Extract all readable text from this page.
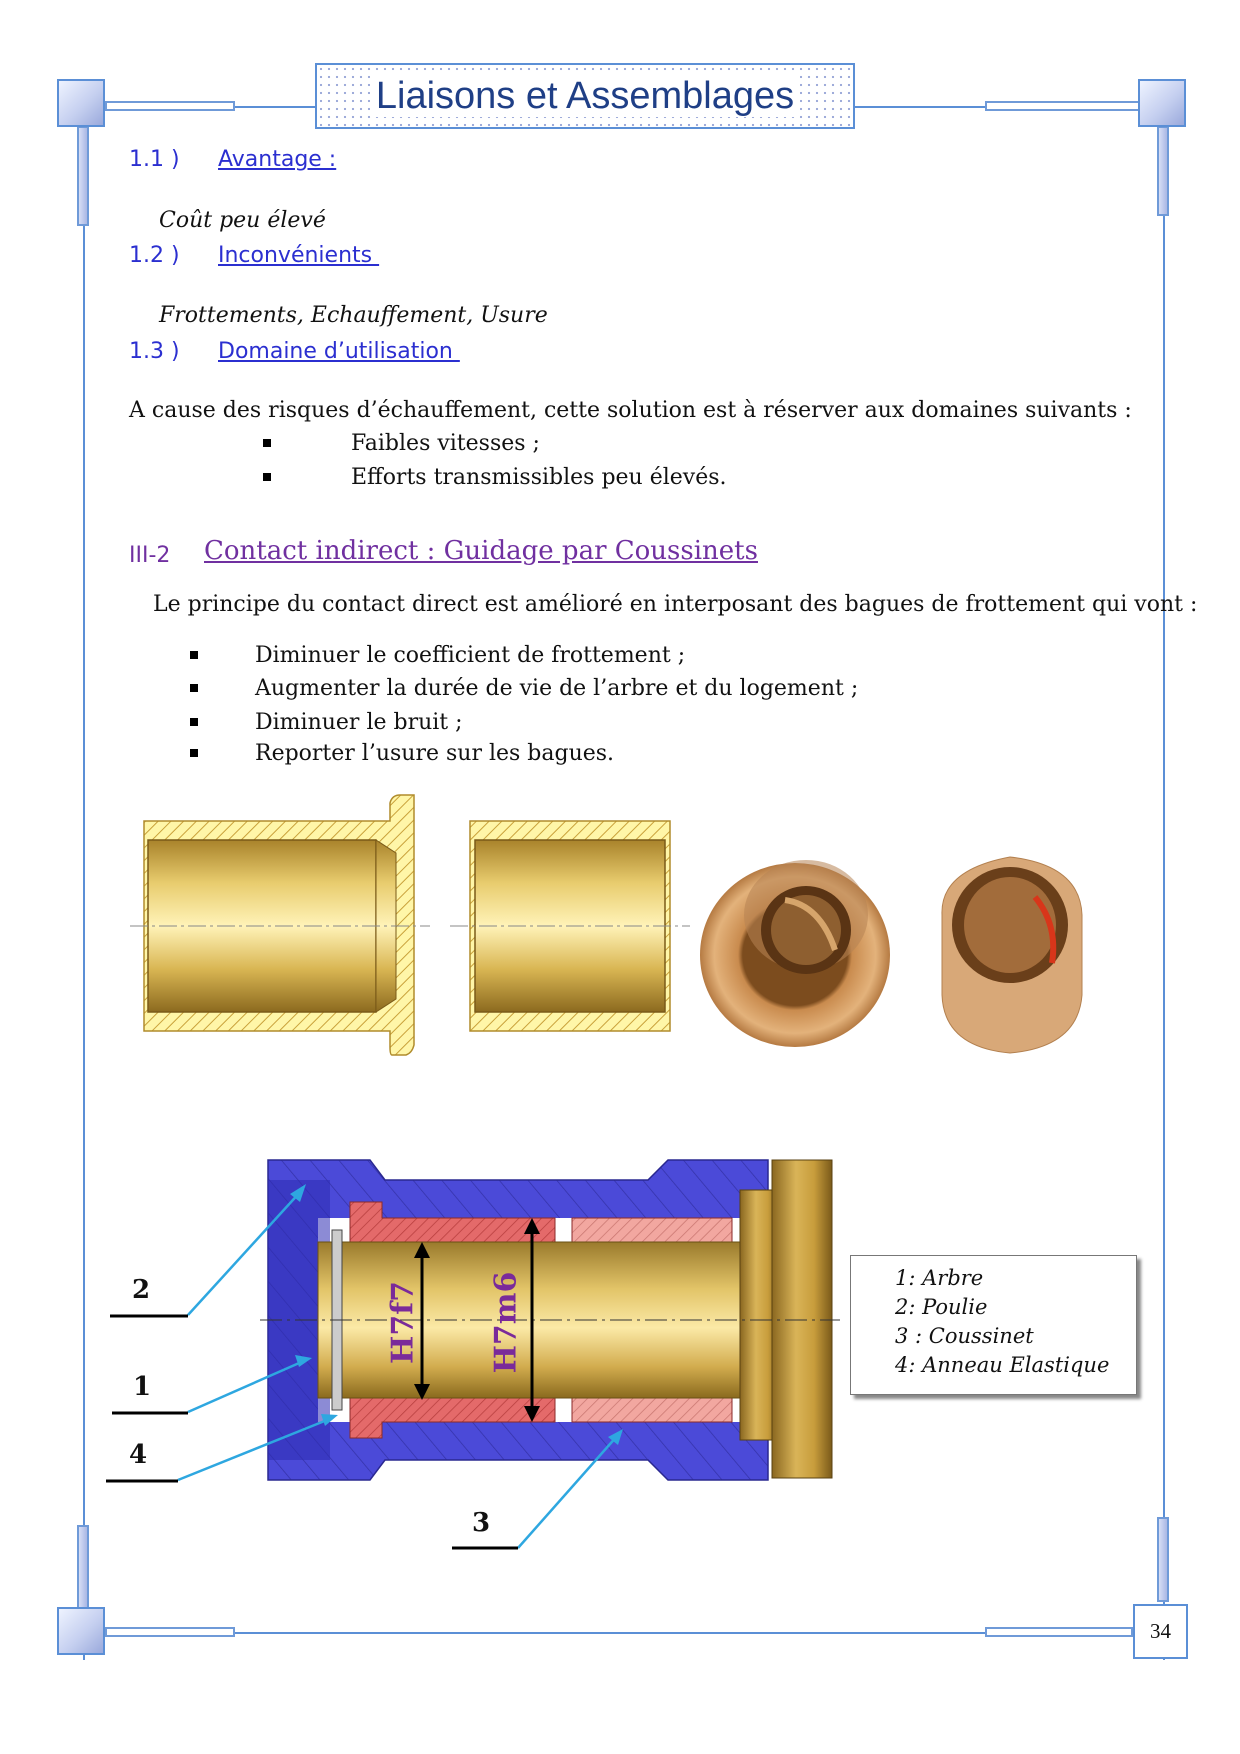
Liaisons et Assemblages
1.1 ) Avantage :
Coût peu élevé
1.2 ) Inconvénients
Frottements, Echauffement, Usure
1.3 ) Domaine d’utilisation
A cause des risques d’échauffement, cette solution est à réserver aux domaines suivants :
Faibles vitesses ;
Efforts transmissibles peu élevés.
III-2 Contact indirect : Guidage par Coussinets
Le principe du contact direct est amélioré en interposant des bagues de frottement qui vont :
Diminuer le coefficient de frottement ;
Augmenter la durée de vie de l’arbre et du logement ;
Diminuer le bruit ;
Reporter l’usure sur les bagues.
H7f7 H7m6
2
1
4
3
1: Arbre
2: Poulie
3 : Coussinet
4: Anneau Elastique
34
